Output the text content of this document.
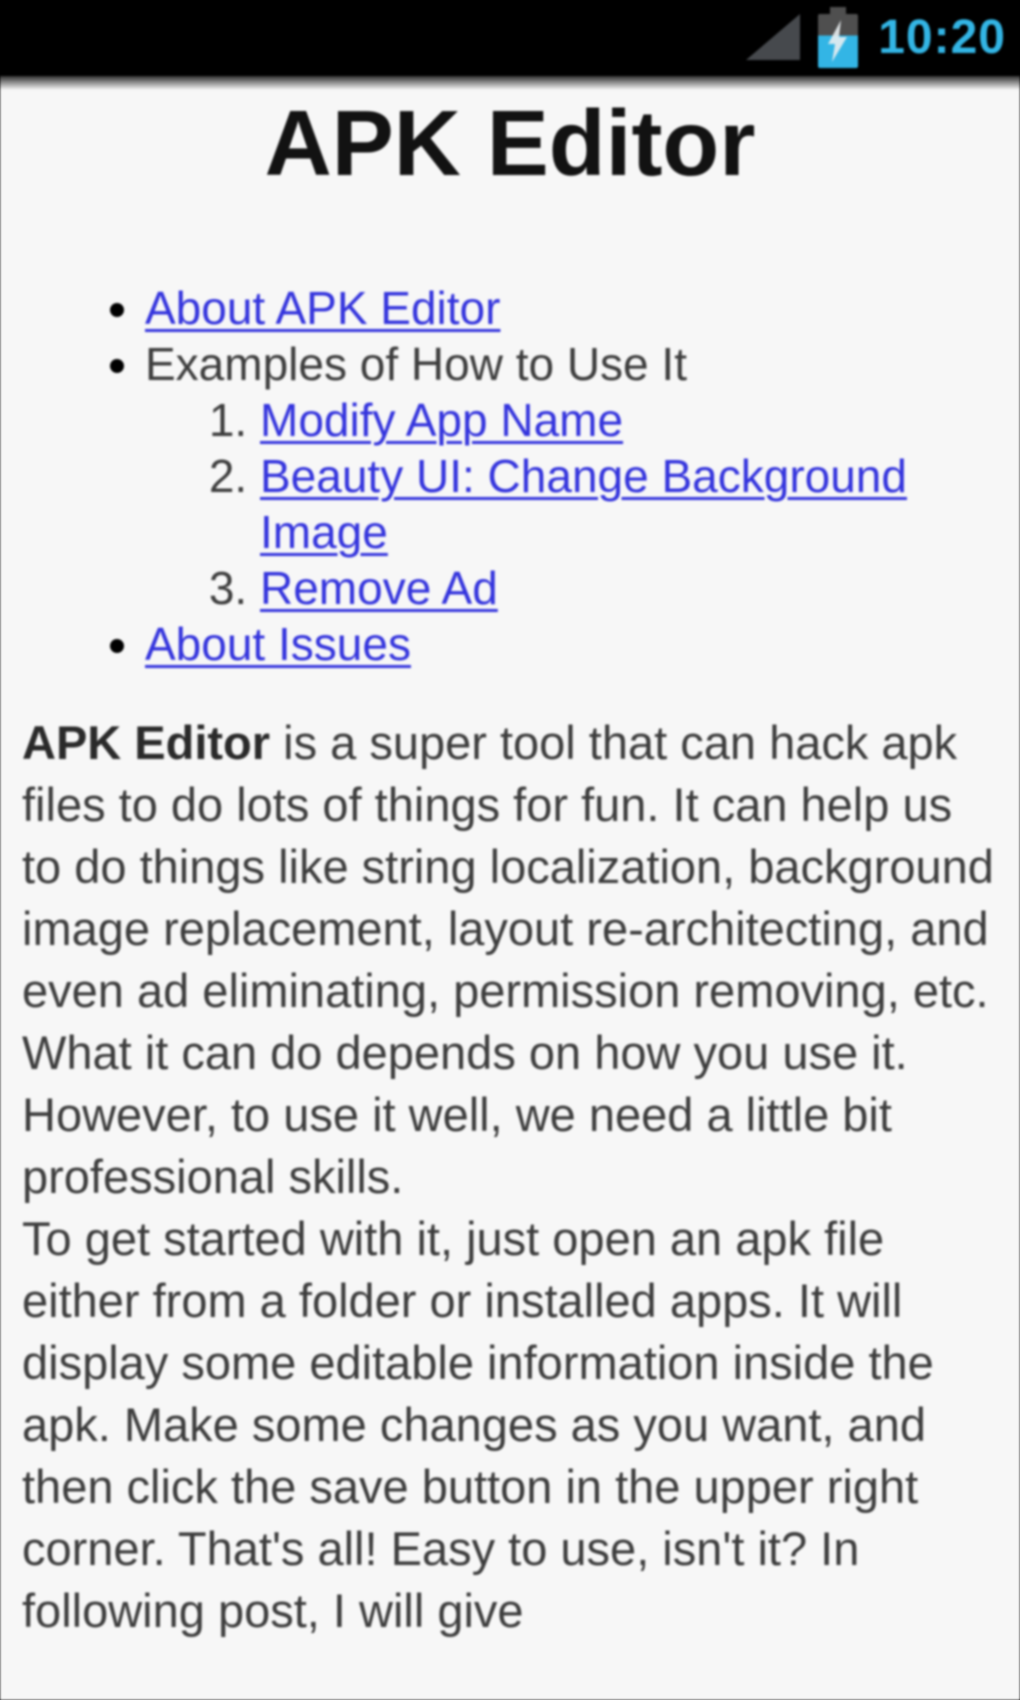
10:20
APK Editor
• About APK Editor
• Examples of How to Use It
1. Modify App Name
2. Beauty UI: Change Background Image
3. Remove Ad
• About Issues

APK Editor is a super tool that can hack apk files to do lots of things for fun. It can help us to do things like string localization, background image replacement, layout re-architecting, and even ad eliminating, permission removing, etc. What it can do depends on how you use it. However, to use it well, we need a little bit professional skills.
To get started with it, just open an apk file either from a folder or installed apps. It will display some editable information inside the apk. Make some changes as you want, and then click the save button in the upper right corner. That's all! Easy to use, isn't it? In following post, I will give
